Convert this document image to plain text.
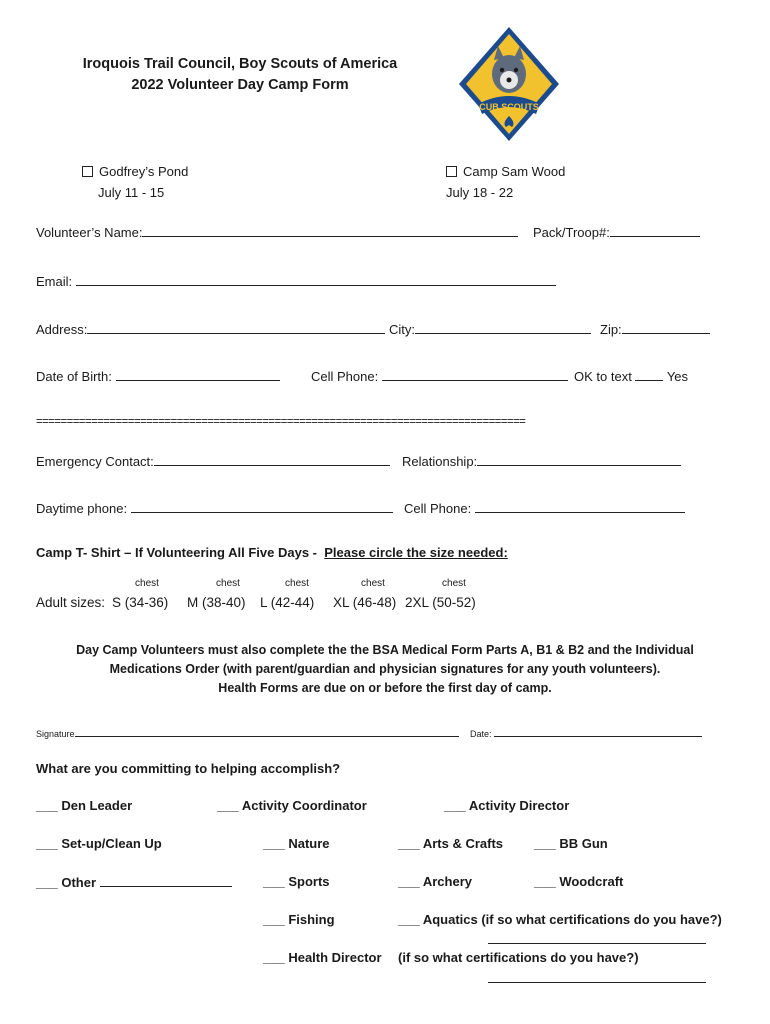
Iroquois Trail Council, Boy Scouts of America
2022 Volunteer Day Camp Form
CUB SCOUTS
Godfrey’s Pond
July 11 - 15
Camp Sam Wood
July 18 - 22
Volunteer’s Name:	Pack/Troop#:
Email:
Address:	City:	Zip:
Date of Birth:	Cell Phone:	OK to text	Yes
================================================================================
Emergency Contact:	Relationship:
Daytime phone:	Cell Phone:
Camp T- Shirt – If Volunteering All Five Days - Please circle the size needed:
chest	chest	chest	chest	chest
Adult sizes: S (34-36) M (38-40) L (42-44) XL (46-48) 2XL (50-52)
Day Camp Volunteers must also complete the the BSA Medical Form Parts A, B1 & B2 and the Individual
Medications Order (with parent/guardian and physician signatures for any youth volunteers).
Health Forms are due on or before the first day of camp.
Signature	Date:
What are you committing to helping accomplish?
___ Den Leader	___ Activity Coordinator	___ Activity Director
___ Set-up/Clean Up	___ Nature	___ Arts & Crafts ___ BB Gun
___ Other	___ Sports	___ Archery	___ Woodcraft
___ Fishing	___ Aquatics (if so what certifications do you have?)
___ Health Director (if so what certifications do you have?)
